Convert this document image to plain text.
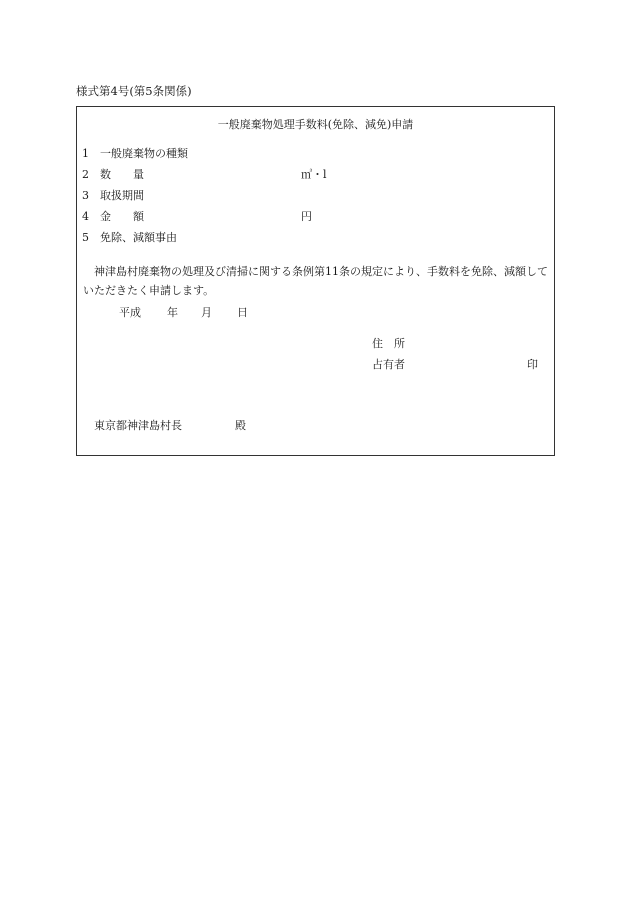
様式第4号(第5条関係)
一般廃棄物処理手数料(免除、減免)申請
1 一般廃棄物の種類
2 数　　量	㎥・l
3 取扱期間
4 金　　額	円
5 免除、減額事由
神津島村廃棄物の処理及び清掃に関する条例第11条の規定により、手数料を免除、減額していただきたく申請します。
平成 年 月 日
住　所
占有者	印
東京都神津島村長	殿
